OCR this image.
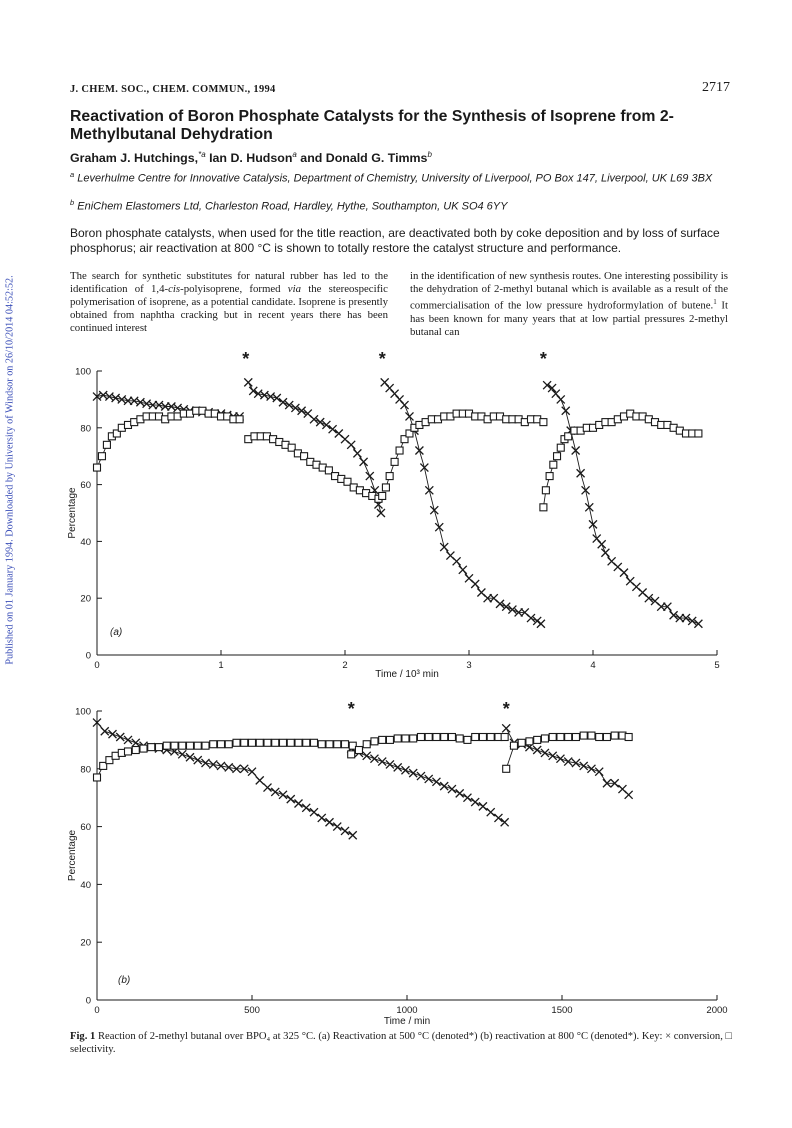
Published on 01 January 1994. Downloaded by University of Windsor on 26/10/2014 04:52:52.
J. CHEM. SOC., CHEM. COMMUN., 1994	2717
Reactivation of Boron Phosphate Catalysts for the Synthesis of Isoprene from 2-Methylbutanal Dehydration
Graham J. Hutchings,$^{*a}$ Ian D. Hudson$^a$ and Donald G. Timms$^b$
$^a$ Leverhulme Centre for Innovative Catalysis, Department of Chemistry, University of Liverpool, PO Box 147, Liverpool, UK L69 3BX
$^b$ EniChem Elastomers Ltd, Charleston Road, Hardley, Hythe, Southampton, UK SO4 6YY
Boron phosphate catalysts, when used for the title reaction, are deactivated both by coke deposition and by loss of surface phosphorus; air reactivation at 800 °C is shown to totally restore the catalyst structure and performance.
The search for synthetic substitutes for natural rubber has led to the identification of 1,4-cis-polyisoprene, formed via the stereospecific polymerisation of isoprene, as a potential candidate. Isoprene is presently obtained from naphtha cracking but in recent years there has been continued interest
in the identification of new synthesis routes. One interesting possibility is the dehydration of 2-methyl butanal which is available as a result of the commercialisation of the low pressure hydroformylation of butene.$^1$ It has been known for many years that at low partial pressures 2-methyl butanal can
0	1	2	3	4	5
0
20
40
60
80
100
Time / 10³ min
Percentage
(a)
*	*	*
0	500	1000	1500	2000
0
20
40
60
80
100
Time / min
Percentage
(b)
*	*
Fig. 1 Reaction of 2-methyl butanal over BPO₄ at 325 °C. (a) Reactivation at 500 °C (denoted*) (b) reactivation at 800 °C (denoted*). Key: × conversion, □ selectivity.
